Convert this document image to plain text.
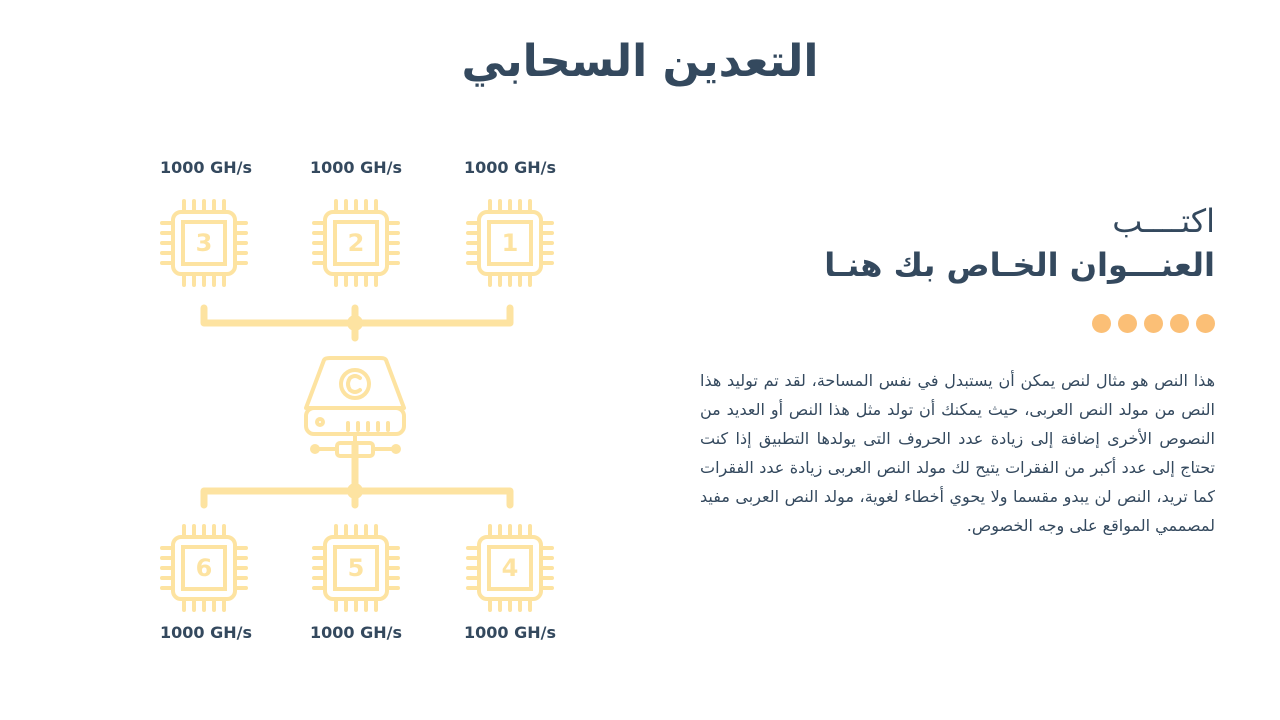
التعدين السحابي
1000 GH/s	1000 GH/s	1000 GH/s
3	2	1
6	5	4
1000 GH/s	1000 GH/s	1000 GH/s
اكتــــب
العنـــوان الخـاص بك هنـا

هذا النص هو مثال لنص يمكن أن يستبدل في نفس المساحة، لقد تم توليد هذا النص من مولد النص العربى، حيث يمكنك أن تولد مثل هذا النص أو العديد من النصوص الأخرى إضافة إلى زيادة عدد الحروف التى يولدها التطبيق إذا كنت تحتاج إلى عدد أكبر من الفقرات يتيح لك مولد النص العربى زيادة عدد الفقرات كما تريد، النص لن يبدو مقسما ولا يحوي أخطاء لغوية، مولد النص العربى مفيد لمصممي المواقع على وجه الخصوص.
